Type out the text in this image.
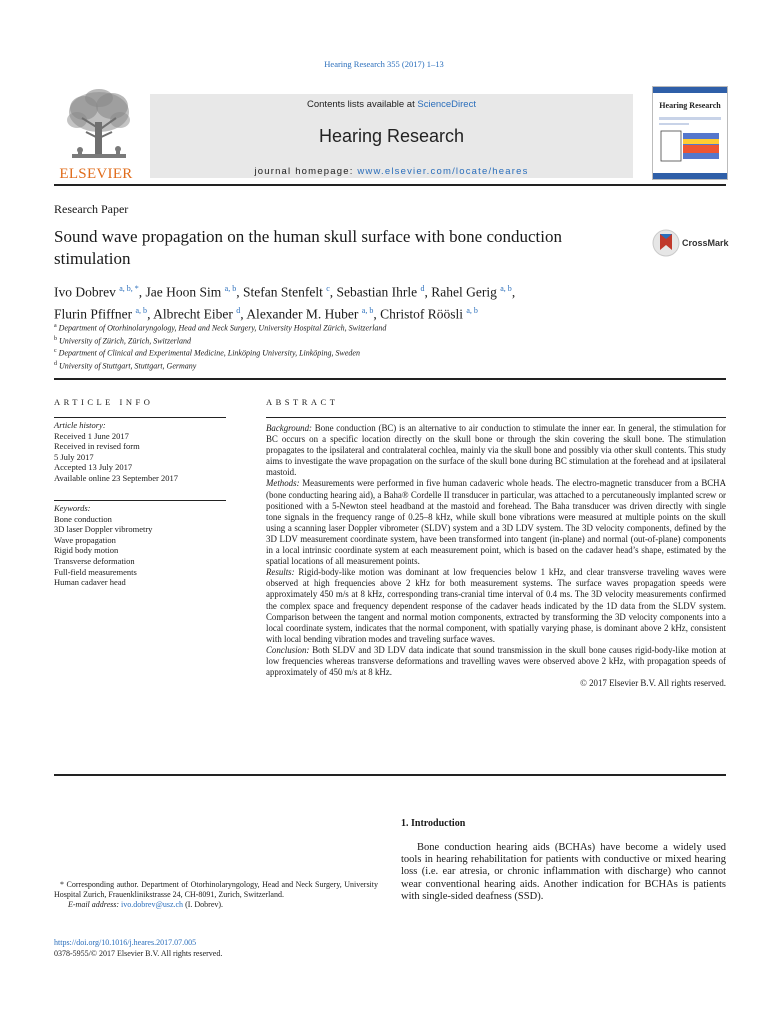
Hearing Research 355 (2017) 1–13
ELSEVIER
Contents lists available at ScienceDirect
Hearing Research
journal homepage: www.elsevier.com/locate/heares
Hearing Research
Research Paper
Sound wave propagation on the human skull surface with bone conduction stimulation
CrossMark
Ivo Dobrev $^{a, b, *}$, Jae Hoon Sim $^{a, b}$, Stefan Stenfelt $^c$, Sebastian Ihrle $^d$, Rahel Gerig $^{a, b}$,
Flurin Pfiffner $^{a, b}$, Albrecht Eiber $^d$, Alexander M. Huber $^{a, b}$, Christof Röösli $^{a, b}$
$^a$ Department of Otorhinolaryngology, Head and Neck Surgery, University Hospital Zürich, Switzerland
$^b$ University of Zürich, Zürich, Switzerland
$^c$ Department of Clinical and Experimental Medicine, Linköping University, Linköping, Sweden
$^d$ University of Stuttgart, Stuttgart, Germany
ARTICLE INFO
Article history:
Received 1 June 2017
Received in revised form
5 July 2017
Accepted 13 July 2017
Available online 23 September 2017
Keywords:
Bone conduction
3D laser Doppler vibrometry
Wave propagation
Rigid body motion
Transverse deformation
Full-field measurements
Human cadaver head
ABSTRACT
Background: Bone conduction (BC) is an alternative to air conduction to stimulate the inner ear. In general, the stimulation for BC occurs on a specific location directly on the skull bone or through the skin covering the skull bone. The stimulation propagates to the ipsilateral and contralateral cochlea, mainly via the skull bone and possibly via other skull contents. This study aims to investigate the wave propagation on the surface of the skull bone during BC stimulation at the forehead and at ipsilateral mastoid.
Methods: Measurements were performed in five human cadaveric whole heads. The electro-magnetic transducer from a BCHA (bone conducting hearing aid), a Baha® Cordelle II transducer in particular, was attached to a percutaneously implanted screw or positioned with a 5-Newton steel headband at the mastoid and forehead. The Baha transducer was driven directly with single tone signals in the frequency range of 0.25–8 kHz, while skull bone vibrations were measured at multiple points on the skull using a scanning laser Doppler vibrometer (SLDV) system and a 3D LDV system. The 3D velocity components, defined by the 3D LDV measurement coordinate system, have been transformed into tangent (in-plane) and normal (out-of-plane) components in a local intrinsic coordinate system at each measurement point, which is based on the cadaver head’s shape, estimated by the spatial locations of all measurement points.
Results: Rigid-body-like motion was dominant at low frequencies below 1 kHz, and clear transverse traveling waves were observed at high frequencies above 2 kHz for both measurement systems. The surface waves propagation speeds were approximately 450 m/s at 8 kHz, corresponding trans-cranial time interval of 0.4 ms. The 3D velocity measurements confirmed the complex space and frequency dependent response of the cadaver heads indicated by the 1D data from the SLDV system. Comparison between the tangent and normal motion components, extracted by transforming the 3D velocity components into a local coordinate system, indicates that the normal component, with spatially varying phase, is dominant above 2 kHz, consistent with local bending vibration modes and traveling surface waves.
Conclusion: Both SLDV and 3D LDV data indicate that sound transmission in the skull bone causes rigid-body-like motion at low frequencies whereas transverse deformations and travelling waves were observed above 2 kHz, with propagation speeds of approximately of 450 m/s at 8 kHz.
© 2017 Elsevier B.V. All rights reserved.
1. Introduction
Bone conduction hearing aids (BCHAs) have become a widely used tools in hearing rehabilitation for patients with conductive or mixed hearing loss (i.e. ear atresia, or chronic inflammation with discharge) who cannot wear conventional hearing aids. Another indication for BCHAs is patients with single-sided deafness (SSD).
* Corresponding author. Department of Otorhinolaryngology, Head and Neck Surgery, University Hospital Zurich, Frauenklinikstrasse 24, CH-8091, Zurich, Switzerland.
E-mail address: ivo.dobrev@usz.ch (I. Dobrev).
https://doi.org/10.1016/j.heares.2017.07.005
0378-5955/© 2017 Elsevier B.V. All rights reserved.
